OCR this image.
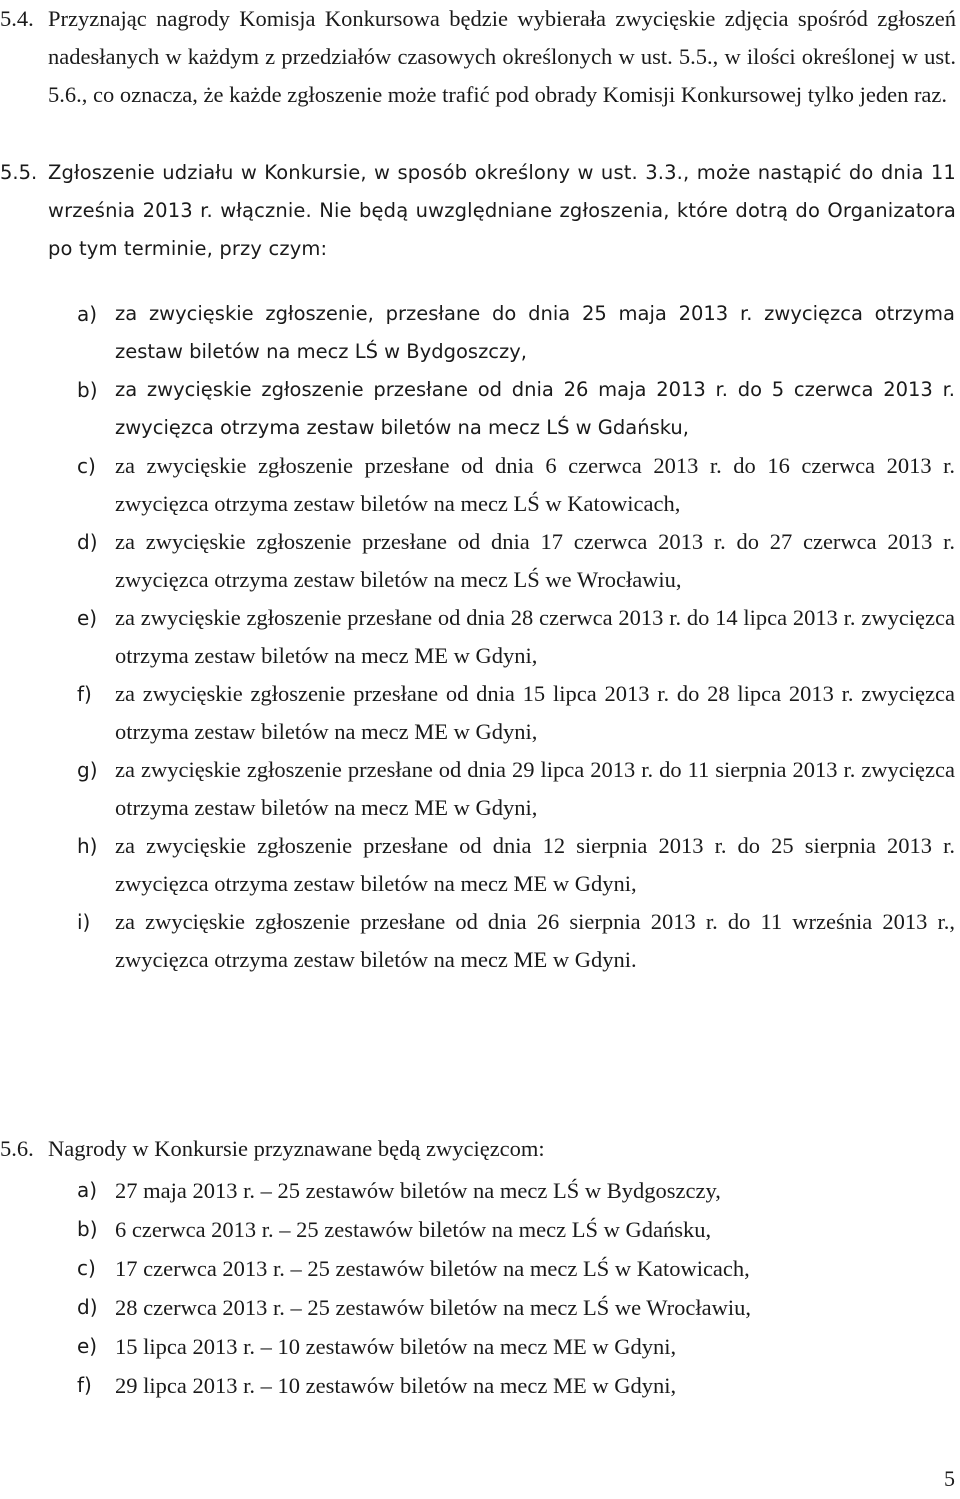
5.4. Przyznając nagrody Komisja Konkursowa będzie wybierała zwycięskie zdjęcia spośród zgłoszeń nadesłanych w każdym z przedziałów czasowych określonych w ust. 5.5., w ilości określonej w ust. 5.6., co oznacza, że każde zgłoszenie może trafić pod obrady Komisji Konkursowej tylko jeden raz.
5.5. Zgłoszenie udziału w Konkursie, w sposób określony w ust. 3.3., może nastąpić do dnia 11 września 2013 r. włącznie. Nie będą uwzględniane zgłoszenia, które dotrą do Organizatora po tym terminie, przy czym:
a) za zwycięskie zgłoszenie, przesłane do dnia 25 maja 2013 r. zwycięzca otrzyma zestaw biletów na mecz LŚ w Bydgoszczy,
b) za zwycięskie zgłoszenie przesłane od dnia 26 maja 2013 r. do 5 czerwca 2013 r. zwycięzca otrzyma zestaw biletów na mecz LŚ w Gdańsku,
c) za zwycięskie zgłoszenie przesłane od dnia 6 czerwca 2013 r. do 16 czerwca 2013 r. zwycięzca otrzyma zestaw biletów na mecz LŚ w Katowicach,
d) za zwycięskie zgłoszenie przesłane od dnia 17 czerwca 2013 r. do 27 czerwca 2013 r. zwycięzca otrzyma zestaw biletów na mecz LŚ we Wrocławiu,
e) za zwycięskie zgłoszenie przesłane od dnia 28 czerwca 2013 r. do 14 lipca 2013 r. zwycięzca otrzyma zestaw biletów na mecz ME w Gdyni,
f) za zwycięskie zgłoszenie przesłane od dnia 15 lipca 2013 r. do 28 lipca 2013 r. zwycięzca otrzyma zestaw biletów na mecz ME w Gdyni,
g) za zwycięskie zgłoszenie przesłane od dnia 29 lipca 2013 r. do 11 sierpnia 2013 r. zwycięzca otrzyma zestaw biletów na mecz ME w Gdyni,
h) za zwycięskie zgłoszenie przesłane od dnia 12 sierpnia 2013 r. do 25 sierpnia 2013 r. zwycięzca otrzyma zestaw biletów na mecz ME w Gdyni,
i) za zwycięskie zgłoszenie przesłane od dnia 26 sierpnia 2013 r. do 11 września 2013 r., zwycięzca otrzyma zestaw biletów na mecz ME w Gdyni.
5.6. Nagrody w Konkursie przyznawane będą zwycięzcom:
a) 27 maja 2013 r. – 25 zestawów biletów na mecz LŚ w Bydgoszczy,
b) 6 czerwca 2013 r. – 25 zestawów biletów na mecz LŚ w Gdańsku,
c) 17 czerwca 2013 r. – 25 zestawów biletów na mecz LŚ w Katowicach,
d) 28 czerwca 2013 r. – 25 zestawów biletów na mecz LŚ we Wrocławiu,
e) 15 lipca 2013 r. – 10 zestawów biletów na mecz ME w Gdyni,
f) 29 lipca 2013 r. – 10 zestawów biletów na mecz ME w Gdyni,
5
